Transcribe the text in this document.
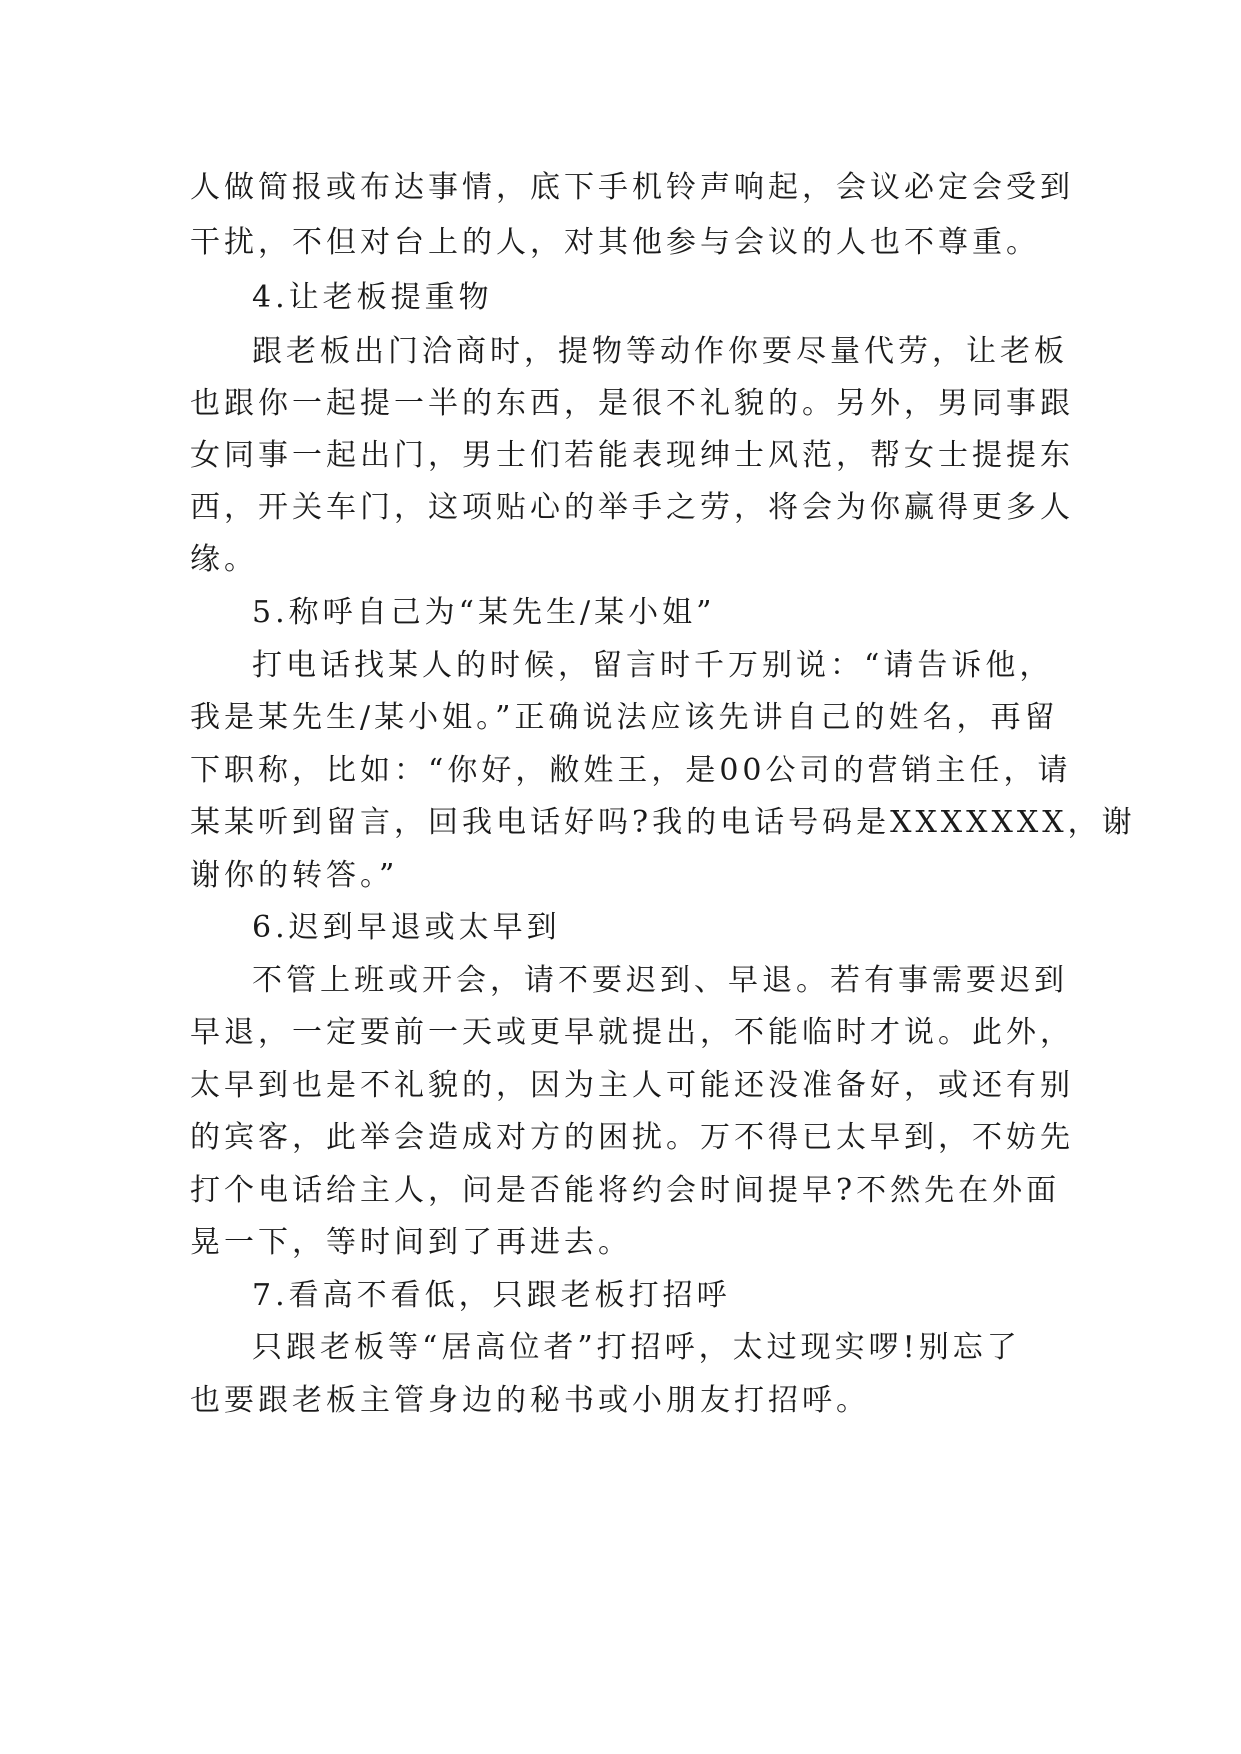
人做简报或布达事情，底下手机铃声响起，会议必定会受到
干扰，不但对台上的人，对其他参与会议的人也不尊重。
4.让老板提重物
跟老板出门洽商时，提物等动作你要尽量代劳，让老板
也跟你一起提一半的东西，是很不礼貌的。另外，男同事跟
女同事一起出门，男士们若能表现绅士风范，帮女士提提东
西，开关车门，这项贴心的举手之劳，将会为你赢得更多人
缘。
5.称呼自己为“某先生/某小姐”
打电话找某人的时候，留言时千万别说：“请告诉他，
我是某先生/某小姐。”正确说法应该先讲自己的姓名，再留
下职称，比如：“你好，敝姓王，是00公司的营销主任，请
某某听到留言，回我电话好吗?我的电话号码是XXXXXXX，谢
谢你的转答。”
6.迟到早退或太早到
不管上班或开会，请不要迟到、早退。若有事需要迟到
早退，一定要前一天或更早就提出，不能临时才说。此外，
太早到也是不礼貌的，因为主人可能还没准备好，或还有别
的宾客，此举会造成对方的困扰。万不得已太早到，不妨先
打个电话给主人，问是否能将约会时间提早?不然先在外面
晃一下，等时间到了再进去。
7.看高不看低，只跟老板打招呼
只跟老板等“居高位者”打招呼，太过现实啰!别忘了
也要跟老板主管身边的秘书或小朋友打招呼。
